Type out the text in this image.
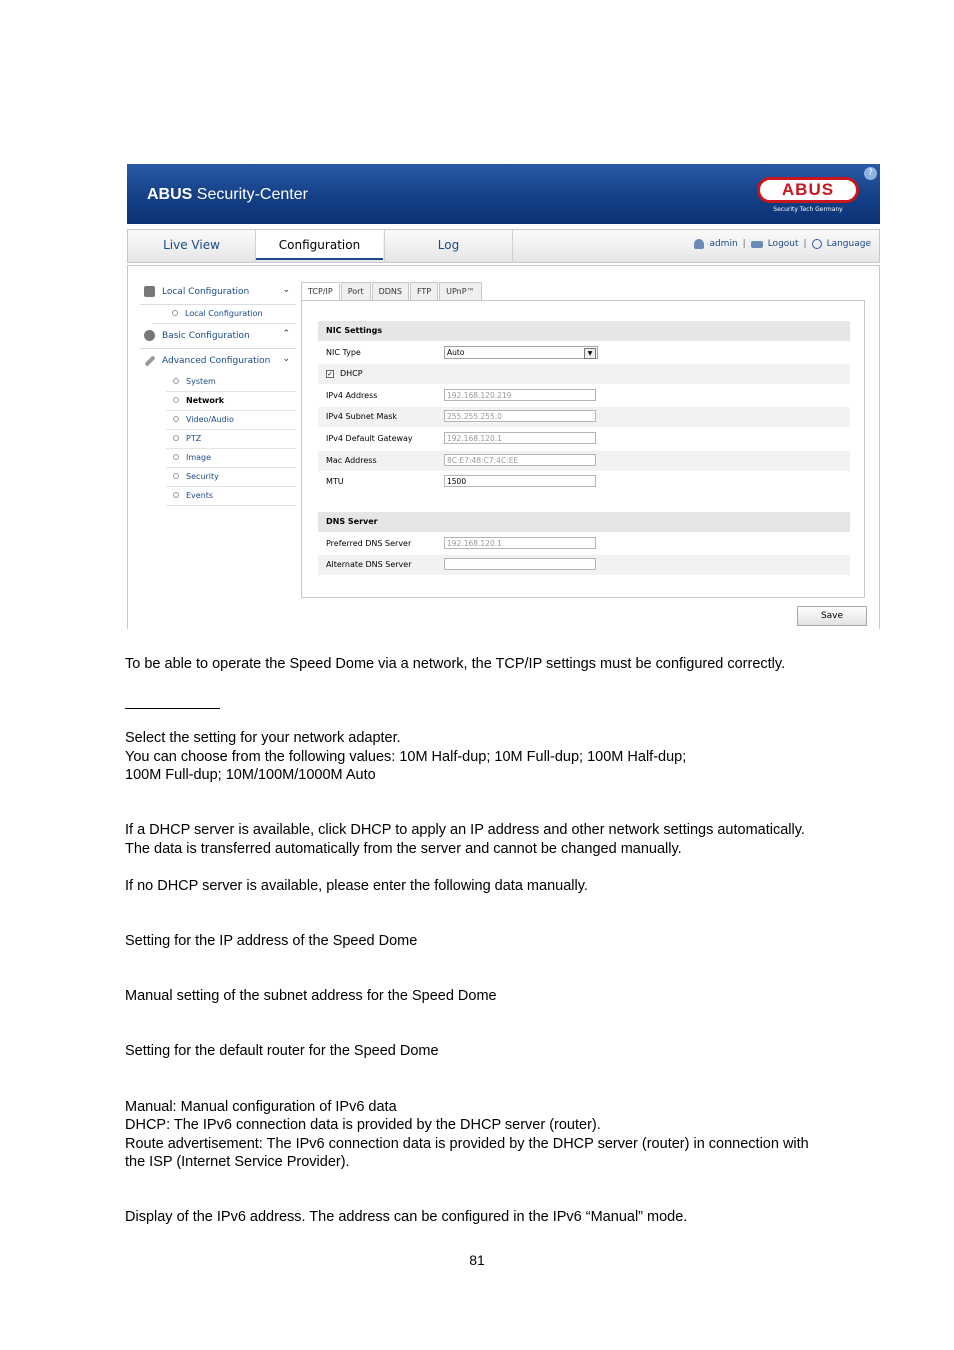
ABUS Security-Center	ABUS
Security Tech Germany
?
Live View	Configuration	Log	admin | Logout | Language
Local Configuration	⌄
Local Configuration
Basic Configuration	⌃
Advanced Configuration ⌄
System
Network
Video/Audio
PTZ
Image
Security
Events
TCP/IP	Port	DDNS	FTP	UPnP™
NIC Settings
NIC Type	Auto	▼
✓ DHCP
IPv4 Address	192.168.120.219
IPv4 Subnet Mask	255.255.255.0
IPv4 Default Gateway	192.168.120.1
Mac Address	8C:E7:48:C7:4C:EE
MTU	1500
DNS Server
Preferred DNS Server	192.168.120.1
Alternate DNS Server
Save
To be able to operate the Speed Dome via a network, the TCP/IP settings must be configured correctly.
Select the setting for your network adapter.
You can choose from the following values: 10M Half-dup; 10M Full-dup; 100M Half-dup;
100M Full-dup; 10M/100M/1000M Auto
If a DHCP server is available, click DHCP to apply an IP address and other network settings automatically.
The data is transferred automatically from the server and cannot be changed manually.
If no DHCP server is available, please enter the following data manually.
Setting for the IP address of the Speed Dome
Manual setting of the subnet address for the Speed Dome
Setting for the default router for the Speed Dome
Manual: Manual configuration of IPv6 data
DHCP: The IPv6 connection data is provided by the DHCP server (router).
Route advertisement: The IPv6 connection data is provided by the DHCP server (router) in connection with
the ISP (Internet Service Provider).
Display of the IPv6 address. The address can be configured in the IPv6 “Manual” mode.
81
